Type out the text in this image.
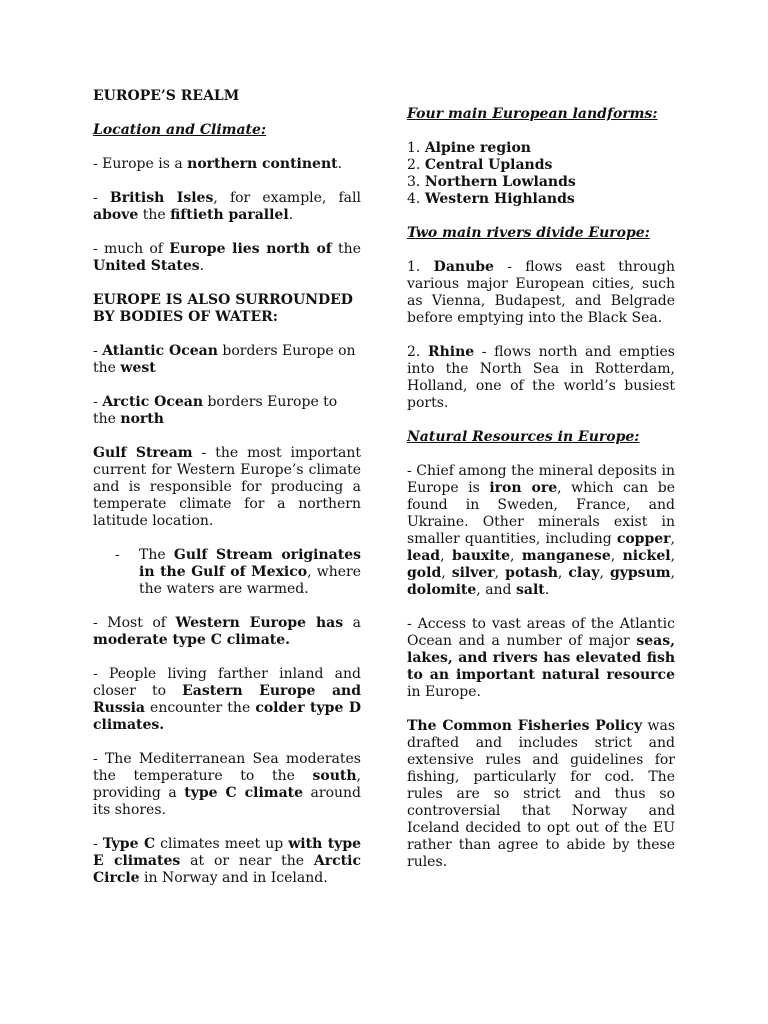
EUROPE’S REALM
Location and Climate:

- Europe is a northern continent.

- British Isles, for example, fall above the fiftieth parallel.

- much of Europe lies north of the United States.

EUROPE IS ALSO SURROUNDED BY BODIES OF WATER:

- Atlantic Ocean borders Europe on the west

- Arctic Ocean borders Europe to the north

Gulf Stream - the most important current for Western Europe’s climate and is responsible for producing a temperate climate for a northern latitude location.

-	The Gulf Stream originates in the Gulf of Mexico, where the waters are warmed.

- Most of Western Europe has a moderate type C climate.

- People living farther inland and closer to Eastern Europe and Russia encounter the colder type D climates.

- The Mediterranean Sea moderates the temperature to the south, providing a type C climate around its shores.

- Type C climates meet up with type E climates at or near the Arctic Circle in Norway and in Iceland.

Four main European landforms:
1. Alpine region
2. Central Uplands
3. Northern Lowlands
4. Western Highlands
Two main rivers divide Europe:

1. Danube - flows east through various major European cities, such as Vienna, Budapest, and Belgrade before emptying into the Black Sea.

2. Rhine - flows north and empties into the North Sea in Rotterdam, Holland, one of the world’s busiest ports.

Natural Resources in Europe:

- Chief among the mineral deposits in Europe is iron ore, which can be found in Sweden, France, and Ukraine. Other minerals exist in smaller quantities, including copper, lead, bauxite, manganese, nickel, gold, silver, potash, clay, gypsum, dolomite, and salt.

- Access to vast areas of the Atlantic Ocean and a number of major seas, lakes, and rivers has elevated fish to an important natural resource in Europe.

The Common Fisheries Policy was drafted and includes strict and extensive rules and guidelines for fishing, particularly for cod. The rules are so strict and thus so controversial that Norway and Iceland decided to opt out of the EU rather than agree to abide by these rules.
